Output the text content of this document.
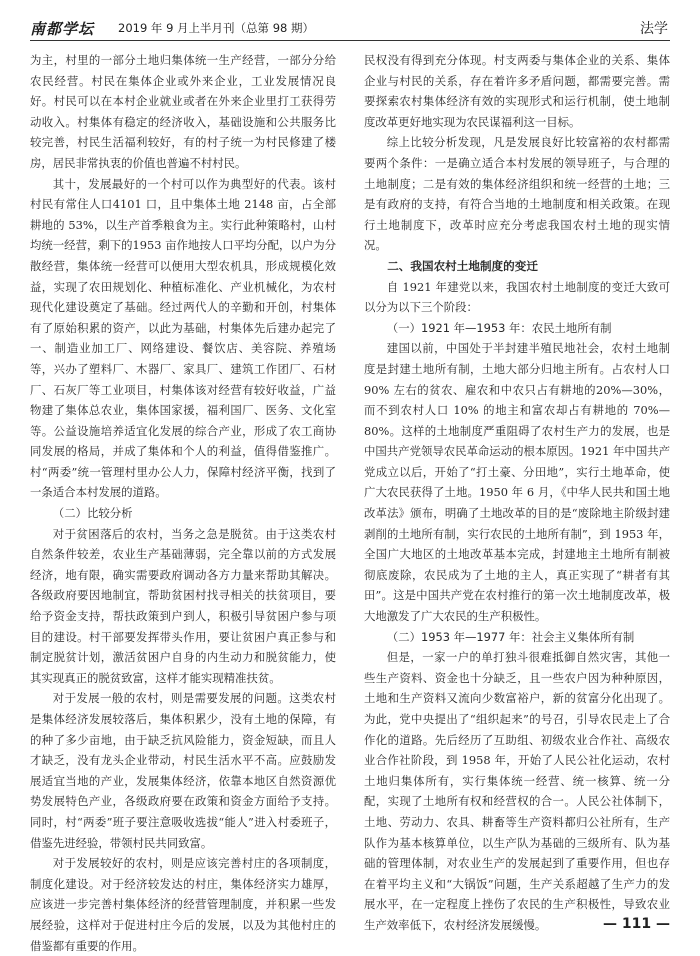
南都学坛 2019 年 9 月上半月刊（总第 98 期）	法学

为主，村里的一部分土地归集体统一生产经营，一部分分给农民经营。村民在集体企业或外来企业，工业发展情况良好。村民可以在本村企业就业或者在外来企业里打工获得劳动收入。村集体有稳定的经济收入，基础设施和公共服务比较完善，村民生活福利较好，有的村子统一为村民修建了楼房，居民非常执衷的价值也普遍不村村民。

其十，发展最好的一个村可以作为典型好的代表。该村村民有常住人口4101 口，且中集体土地 2148 亩，占全部耕地的 53%，以生产首季粮食为主。实行此种策略村，山村均统一经营，剩下的1953 亩作地按人口平均分配，以户为分散经营，集体统一经营可以便用大型农机具，形成规模化效益，实现了农田规划化、种植标准化、产业机械化，为农村现代化建设奠定了基础。经过两代人的辛勤和开创，村集体有了原始积累的资产，以此为基础，村集体先后建办起完了一、制造业加工厂、网络建设、餐饮店、美容院、养殖场等，兴办了塑料厂、木器厂、家具厂、建筑工作团厂、石材厂、石灰厂等工业项目，村集体该对经营有较好收益，广益物建了集体总农业，集体国家援，福利国厂、医务、文化室等。公益设施培养适宜化发展的综合产业，形成了农工商协同发展的格局，并成了集体和个人的利益，值得借鉴推广。村“两委”统一管理村里办公人力，保障村经济平衡，找到了一条适合本村发展的道路。

（二）比较分析

对于贫困落后的农村，当务之急是脱贫。由于这类农村自然条件较差，农业生产基础薄弱，完全靠以前的方式发展经济，地有限，确实需要政府调动各方力量来帮助其解决。各级政府要因地制宜，帮助贫困村找寻相关的扶贫项目，要给予资金支持，帮扶政策到户到人，积极引导贫困户参与项目的建设。村干部要发挥带头作用，要让贫困户真正参与和制定脱贫计划，激活贫困户自身的内生动力和脱贫能力，使其实现真正的脱贫致富，这样才能实现精准扶贫。

对于发展一般的农村，则是需要发展的问题。这类农村是集体经济发展较落后，集体积累少，没有土地的保障，有的种了多少亩地，由于缺乏抗风险能力，资金短缺，而且人才缺乏，没有龙头企业带动，村民生活水平不高。应鼓励发展适宜当地的产业，发展集体经济，依靠本地区自然资源优势发展特色产业，各级政府要在政策和资金方面给予支持。同时，村“两委”班子要注意吸收选拔“能人”进入村委班子，借鉴先进经验，带领村民共同致富。

对于发展较好的农村，则是应该完善村庄的各项制度，制度化建设。对于经济较发达的村庄，集体经济实力雄厚，应该进一步完善村集体经济的经营管理制度，并积累一些发展经验，这样对于促进村庄今后的发展，以及为其他村庄的借鉴都有重要的作用。

民权没有得到充分体现。村支两委与集体企业的关系、集体企业与村民的关系，存在着许多矛盾问题，都需要完善。需要探索农村集体经济有效的实现形式和运行机制，使土地制度改革更好地实现为农民谋福利这一目标。

综上比较分析发现，凡是发展良好比较富裕的农村都需要两个条件：一是确立适合本村发展的领导班子，与合理的土地制度；二是有效的集体经济组织和统一经营的土地；三是有政府的支持，有符合当地的土地制度和相关政策。在现行土地制度下，改革时应充分考虑我国农村土地的现实情况。

二、我国农村土地制度的变迁

自 1921 年建党以来，我国农村土地制度的变迁大致可以分为以下三个阶段：

（一）1921 年—1953 年：农民土地所有制

建国以前，中国处于半封建半殖民地社会，农村土地制度是封建土地所有制，土地大部分归地主所有。占农村人口 90% 左右的贫农、雇农和中农只占有耕地的20%—30%，而不到农村人口 10% 的地主和富农却占有耕地的 70%—80%。这样的土地制度严重阻碍了农村生产力的发展，也是中国共产党领导农民革命运动的根本原因。1921 年中国共产党成立以后，开始了“打土豪、分田地”，实行土地革命，使广大农民获得了土地。1950 年 6 月，《中华人民共和国土地改革法》颁布，明确了土地改革的目的是“废除地主阶级封建剥削的土地所有制，实行农民的土地所有制”，到 1953 年，全国广大地区的土地改革基本完成，封建地主土地所有制被彻底废除，农民成为了土地的主人，真正实现了“耕者有其田”。这是中国共产党在农村推行的第一次土地制度改革，极大地激发了广大农民的生产积极性。

（二）1953 年—1977 年：社会主义集体所有制

但是，一家一户的单打独斗很难抵御自然灾害，其他一些生产资料、资金也十分缺乏，且一些农户因为种种原因，土地和生产资料又流向少数富裕户，新的贫富分化出现了。为此，党中央提出了“组织起来”的号召，引导农民走上了合作化的道路。先后经历了互助组、初级农业合作社、高级农业合作社阶段，到 1958 年，开始了人民公社化运动，农村土地归集体所有，实行集体统一经营、统一核算、统一分配，实现了土地所有权和经营权的合一。人民公社体制下，土地、劳动力、农具、耕畜等生产资料都归公社所有，生产队作为基本核算单位，以生产队为基础的三级所有、队为基础的管理体制，对农业生产的发展起到了重要作用，但也存在着平均主义和“大锅饭”问题，生产关系超越了生产力的发展水平，在一定程度上挫伤了农民的生产积极性，导致农业生产效率低下，农村经济发展缓慢。	— 111 —
